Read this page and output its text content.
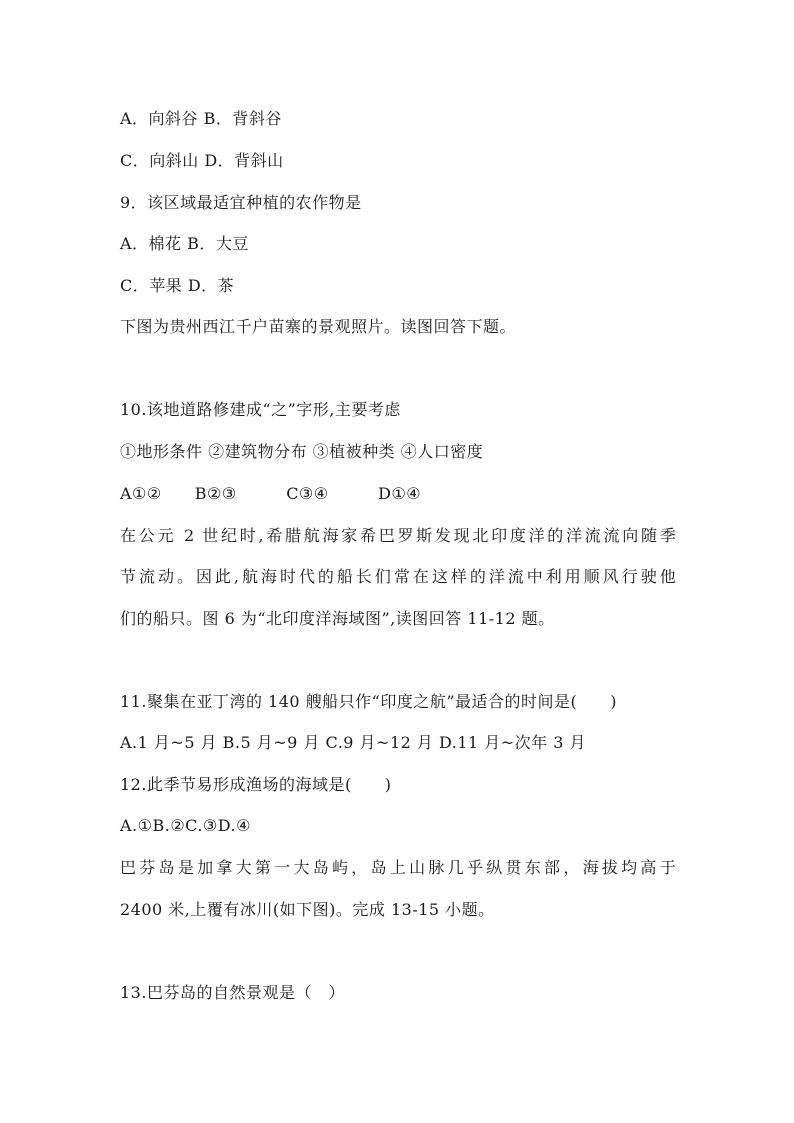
A．向斜谷 B．背斜谷
C．向斜山 D．背斜山
9．该区域最适宜种植的农作物是
A．棉花 B．大豆
C．苹果 D．茶
下图为贵州西江千户苗寨的景观照片。读图回答下题。
10.该地道路修建成“之”字形,主要考虑
①地形条件 ②建筑物分布 ③植被种类 ④人口密度
A①②　　B②③　　　C③④　　　D①④
在公元 2 世纪时,希腊航海家希巴罗斯发现北印度洋的洋流流向随季
节流动。因此,航海时代的船长们常在这样的洋流中利用顺风行驶他
们的船只。图 6 为“北印度洋海域图”,读图回答 11-12 题。
11.聚集在亚丁湾的 140 艘船只作“印度之航”最适合的时间是(　　)
A.1 月~5 月 B.5 月~9 月 C.9 月~12 月 D.11 月~次年 3 月
12.此季节易形成渔场的海域是(　　)
A.①B.②C.③D.④
巴芬岛是加拿大第一大岛屿，岛上山脉几乎纵贯东部，海拔均高于
2400 米,上覆有冰川(如下图)。完成 13-15 小题。
13.巴芬岛的自然景观是（　）
